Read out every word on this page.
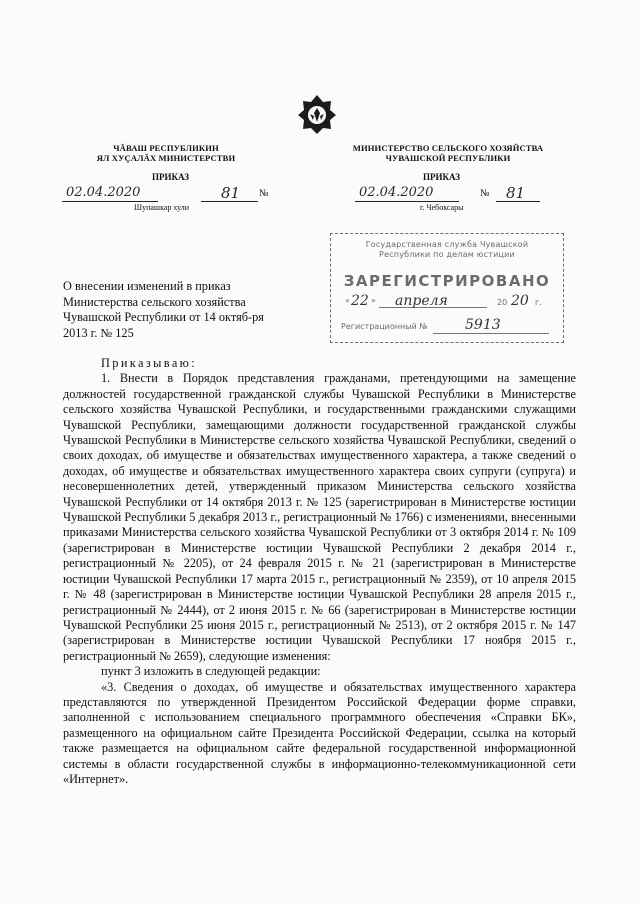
ЧĂВАШ РЕСПУБЛИКИН
ЯЛ ХУÇАЛĂХ МИНИСТЕРСТВИ
ПРИКАЗ
02.04.2020	81 №
Шупашкар хули
МИНИСТЕРСТВО СЕЛЬСКОГО ХОЗЯЙСТВА
ЧУВАШСКОЙ РЕСПУБЛИКИ
ПРИКАЗ
02.04.2020	№ 81
г. Чебоксары
Государственная служба Чувашской
Республики по делам юстиции
ЗАРЕГИСТРИРОВАНО
« 22 » апреля	20 20 г.
Регистрационный №	5913
О внесении изменений в приказ Министерства сельского хозяйства Чувашской Республики от 14 октяб-ря 2013 г. № 125

Приказываю:

1. Внести в Порядок представления гражданами, претендующими на замещение должностей государственной гражданской службы Чувашской Республики в Министерстве сельского хозяйства Чувашской Республики, и государственными гражданскими служащими Чувашской Республики, замещающими должности государственной гражданской службы Чувашской Республики в Министерстве сельского хозяйства Чувашской Республики, сведений о своих доходах, об имуществе и обязательствах имущественного характера, а также сведений о доходах, об имуществе и обязательствах имущественного характера своих супруги (супруга) и несовершеннолетних детей, утвержденный приказом Министерства сельского хозяйства Чувашской Республики от 14 октября 2013 г. № 125 (зарегистрирован в Министерстве юстиции Чувашской Республики 5 декабря 2013 г., регистрационный № 1766) с изменениями, внесенными приказами Министерства сельского хозяйства Чувашской Республики от 3 октября 2014 г. № 109 (зарегистрирован в Министерстве юстиции Чувашской Республики 2 декабря 2014 г., регистрационный № 2205), от 24 февраля 2015 г. № 21 (зарегистрирован в Министерстве юстиции Чувашской Республики 17 марта 2015 г., регистрационный № 2359), от 10 апреля 2015 г. № 48 (зарегистрирован в Министерстве юстиции Чувашской Республики 28 апреля 2015 г., регистрационный № 2444), от 2 июня 2015 г. № 66 (зарегистрирован в Министерстве юстиции Чувашской Республики 25 июня 2015 г., регистрационный № 2513), от 2 октября 2015 г. № 147 (зарегистрирован в Министерстве юстиции Чувашской Республики 17 ноября 2015 г., регистрационный № 2659), следующие изменения:

пункт 3 изложить в следующей редакции:

«3. Сведения о доходах, об имуществе и обязательствах имущественного характера представляются по утвержденной Президентом Российской Федерации форме справки, заполненной с использованием специального программного обеспечения «Справки БК», размещенного на официальном сайте Президента Российской Федерации, ссылка на который также размещается на официальном сайте федеральной государственной информационной системы в области государственной службы в информационно-телекоммуникационной сети «Интернет».
